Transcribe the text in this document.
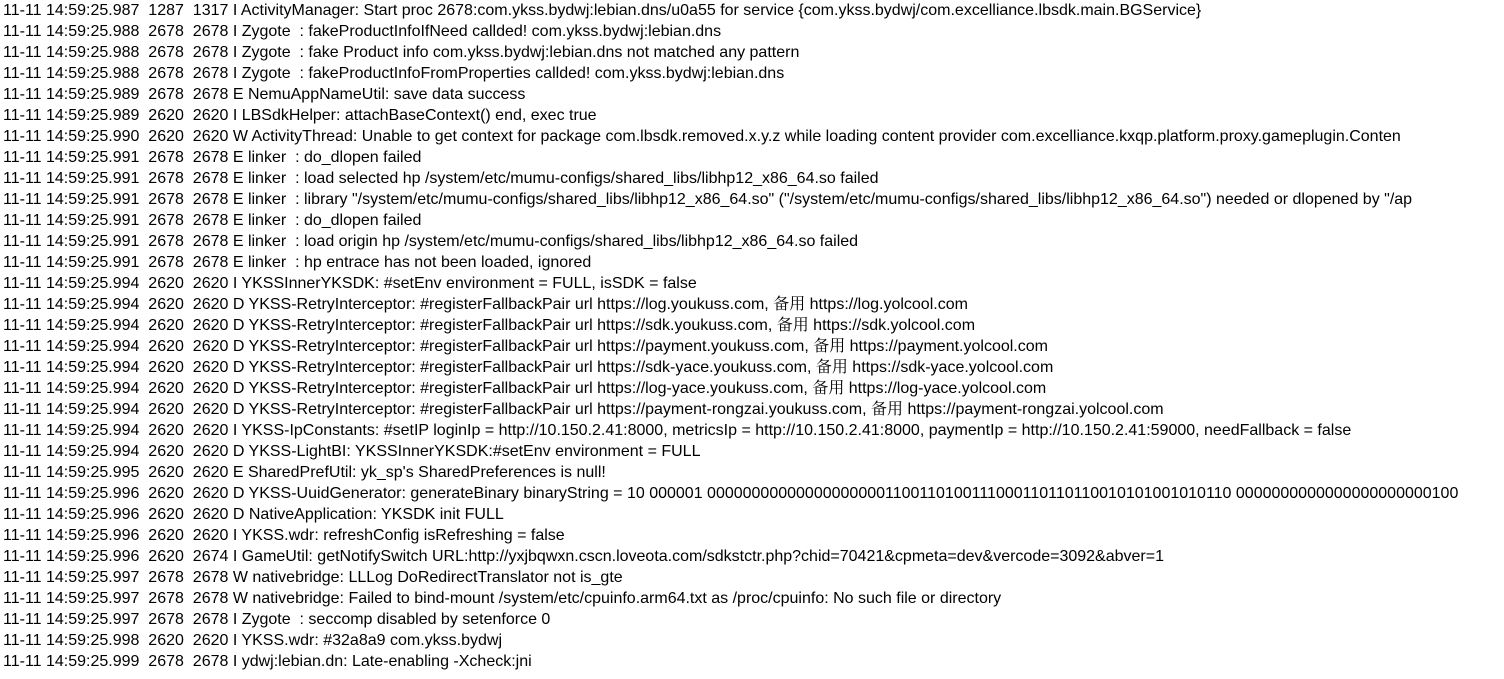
11-11 14:59:25.987  1287  1317 I ActivityManager: Start proc 2678:com.ykss.bydwj:lebian.dns/u0a55 for service {com.ykss.bydwj/com.excelliance.lbsdk.main.BGService}
11-11 14:59:25.988  2678  2678 I Zygote  : fakeProductInfoIfNeed callded! com.ykss.bydwj:lebian.dns
11-11 14:59:25.988  2678  2678 I Zygote  : fake Product info com.ykss.bydwj:lebian.dns not matched any pattern
11-11 14:59:25.988  2678  2678 I Zygote  : fakeProductInfoFromProperties callded! com.ykss.bydwj:lebian.dns
11-11 14:59:25.989  2678  2678 E NemuAppNameUtil: save data success
11-11 14:59:25.989  2620  2620 I LBSdkHelper: attachBaseContext() end, exec true
11-11 14:59:25.990  2620  2620 W ActivityThread: Unable to get context for package com.lbsdk.removed.x.y.z while loading content provider com.excelliance.kxqp.platform.proxy.gameplugin.Conten
11-11 14:59:25.991  2678  2678 E linker  : do_dlopen failed
11-11 14:59:25.991  2678  2678 E linker  : load selected hp /system/etc/mumu-configs/shared_libs/libhp12_x86_64.so failed
11-11 14:59:25.991  2678  2678 E linker  : library "/system/etc/mumu-configs/shared_libs/libhp12_x86_64.so" ("/system/etc/mumu-configs/shared_libs/libhp12_x86_64.so") needed or dlopened by "/ap
11-11 14:59:25.991  2678  2678 E linker  : do_dlopen failed
11-11 14:59:25.991  2678  2678 E linker  : load origin hp /system/etc/mumu-configs/shared_libs/libhp12_x86_64.so failed
11-11 14:59:25.991  2678  2678 E linker  : hp entrace has not been loaded, ignored
11-11 14:59:25.994  2620  2620 I YKSSInnerYKSDK: #setEnv environment = FULL, isSDK = false
11-11 14:59:25.994  2620  2620 D YKSS-RetryInterceptor: #registerFallbackPair url https://log.youkuss.com, 备用 https://log.yolcool.com
11-11 14:59:25.994  2620  2620 D YKSS-RetryInterceptor: #registerFallbackPair url https://sdk.youkuss.com, 备用 https://sdk.yolcool.com
11-11 14:59:25.994  2620  2620 D YKSS-RetryInterceptor: #registerFallbackPair url https://payment.youkuss.com, 备用 https://payment.yolcool.com
11-11 14:59:25.994  2620  2620 D YKSS-RetryInterceptor: #registerFallbackPair url https://sdk-yace.youkuss.com, 备用 https://sdk-yace.yolcool.com
11-11 14:59:25.994  2620  2620 D YKSS-RetryInterceptor: #registerFallbackPair url https://log-yace.youkuss.com, 备用 https://log-yace.yolcool.com
11-11 14:59:25.994  2620  2620 D YKSS-RetryInterceptor: #registerFallbackPair url https://payment-rongzai.youkuss.com, 备用 https://payment-rongzai.yolcool.com
11-11 14:59:25.994  2620  2620 I YKSS-IpConstants: #setIP loginIp = http://10.150.2.41:8000, metricsIp = http://10.150.2.41:8000, paymentIp = http://10.150.2.41:59000, needFallback = false
11-11 14:59:25.994  2620  2620 D YKSS-LightBI: YKSSInnerYKSDK:#setEnv environment = FULL
11-11 14:59:25.995  2620  2620 E SharedPrefUtil: yk_sp's SharedPreferences is null!
11-11 14:59:25.996  2620  2620 D YKSS-UuidGenerator: generateBinary binaryString = 10 000001 000000000000000000001100110100111000110110110010101001010110 0000000000000000000000100
11-11 14:59:25.996  2620  2620 D NativeApplication: YKSDK init FULL
11-11 14:59:25.996  2620  2620 I YKSS.wdr: refreshConfig isRefreshing = false
11-11 14:59:25.996  2620  2674 I GameUtil: getNotifySwitch URL:http://yxjbqwxn.cscn.loveota.com/sdkstctr.php?chid=70421&cpmeta=dev&vercode=3092&abver=1
11-11 14:59:25.997  2678  2678 W nativebridge: LLLog DoRedirectTranslator not is_gte
11-11 14:59:25.997  2678  2678 W nativebridge: Failed to bind-mount /system/etc/cpuinfo.arm64.txt as /proc/cpuinfo: No such file or directory
11-11 14:59:25.997  2678  2678 I Zygote  : seccomp disabled by setenforce 0
11-11 14:59:25.998  2620  2620 I YKSS.wdr: #32a8a9 com.ykss.bydwj
11-11 14:59:25.999  2678  2678 I ydwj:lebian.dn: Late-enabling -Xcheck:jni
